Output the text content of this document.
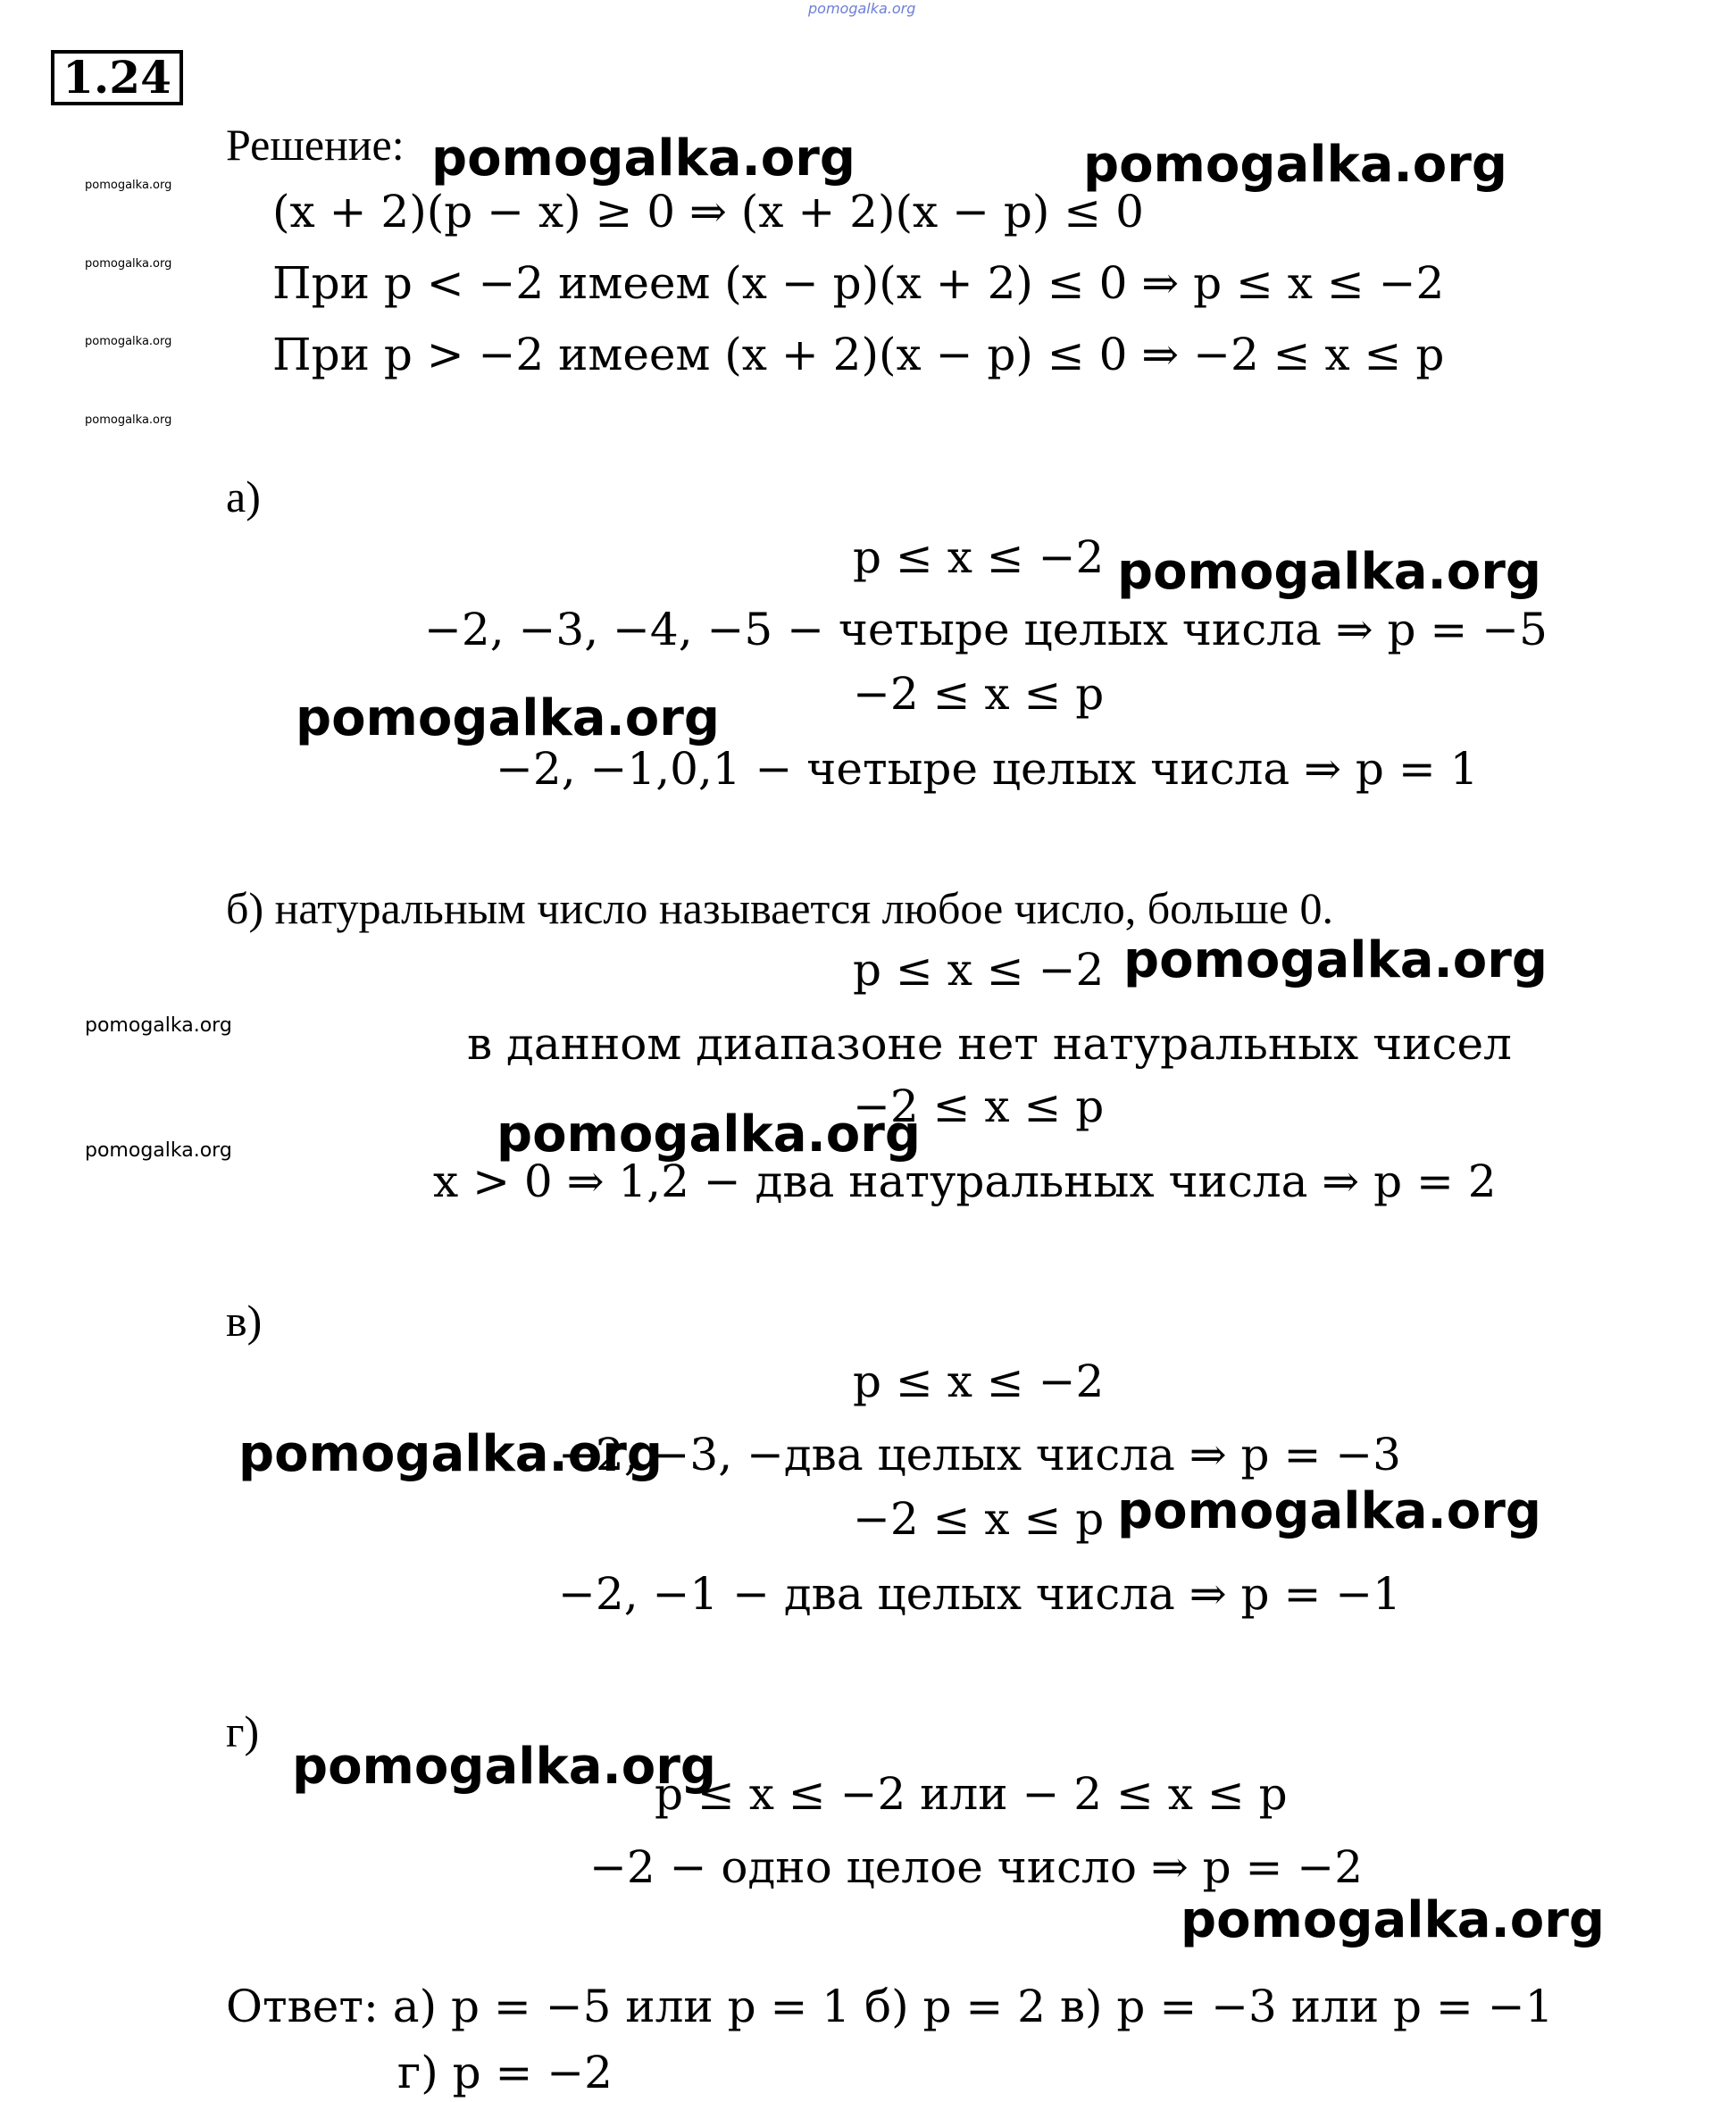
pomogalka.org
1.24
pomogalka.org
pomogalka.org
pomogalka.org
pomogalka.org
pomogalka.org
pomogalka.org
Решение:
(x + 2)(p − x) ≥ 0 ⇒ (x + 2)(x − p) ≤ 0
При p < −2 имеем (x − p)(x + 2) ≤ 0 ⇒ p ≤ x ≤ −2
При p > −2 имеем (x + 2)(x − p) ≤ 0 ⇒ −2 ≤ x ≤ p
а)
p ≤ x ≤ −2
−2, −3, −4, −5 − четыре целых числа ⇒ p = −5
−2 ≤ x ≤ p
−2, −1,0,1 − четыре целых числа ⇒ p = 1
б) натуральным число называется любое число, больше 0.
p ≤ x ≤ −2
в данном диапазоне нет натуральных чисел
−2 ≤ x ≤ p
x > 0 ⇒ 1,2 − два натуральных числа ⇒ p = 2
в)
p ≤ x ≤ −2
−2, −3, −два целых числа ⇒ p = −3
−2 ≤ x ≤ p
−2, −1 − два целых числа ⇒ p = −1
г)
p ≤ x ≤ −2 или − 2 ≤ x ≤ p
−2 − одно целое число ⇒ p = −2
Ответ: а) p = −5 или p = 1 б) p = 2 в) p = −3 или p = −1
г) p = −2
pomogalka.org	pomogalka.org
pomogalka.org
pomogalka.org
pomogalka.org
pomogalka.org
pomogalka.org
pomogalka.org
pomogalka.org
pomogalka.org
